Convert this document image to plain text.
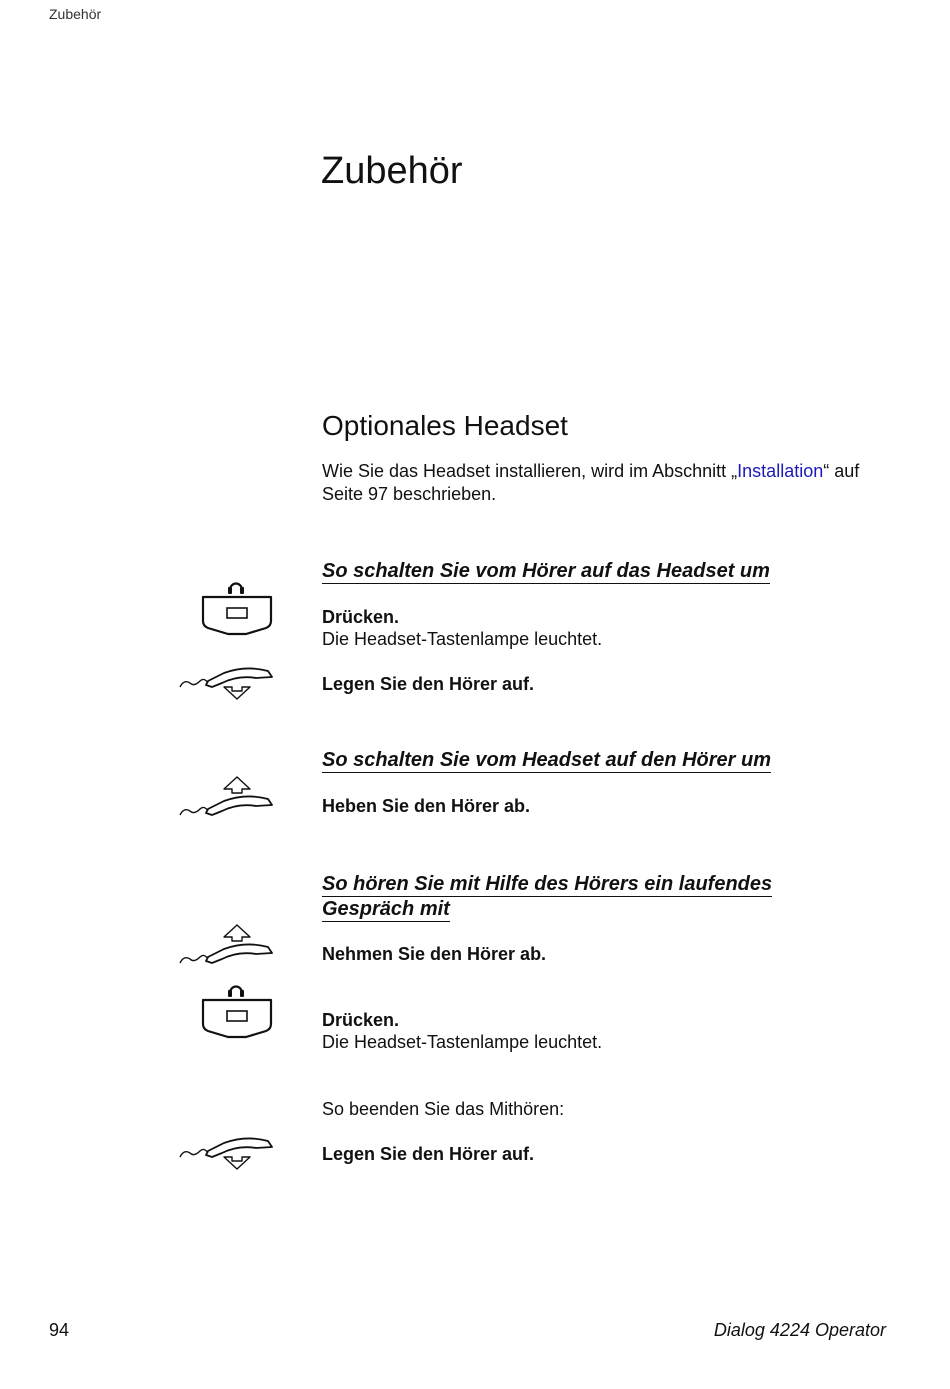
Zubehör
Zubehör
Optionales Headset
Wie Sie das Headset installieren, wird im Abschnitt „Installation“ auf Seite 97 beschrieben.
So schalten Sie vom Hörer auf das Headset um
Drücken.
Die Headset-Tastenlampe leuchtet.
Legen Sie den Hörer auf.
So schalten Sie vom Headset auf den Hörer um
Heben Sie den Hörer ab.
So hören Sie mit Hilfe des Hörers ein laufendes
Gespräch mit
Nehmen Sie den Hörer ab.
Drücken.
Die Headset-Tastenlampe leuchtet.
So beenden Sie das Mithören:
Legen Sie den Hörer auf.
94	Dialog 4224 Operator
